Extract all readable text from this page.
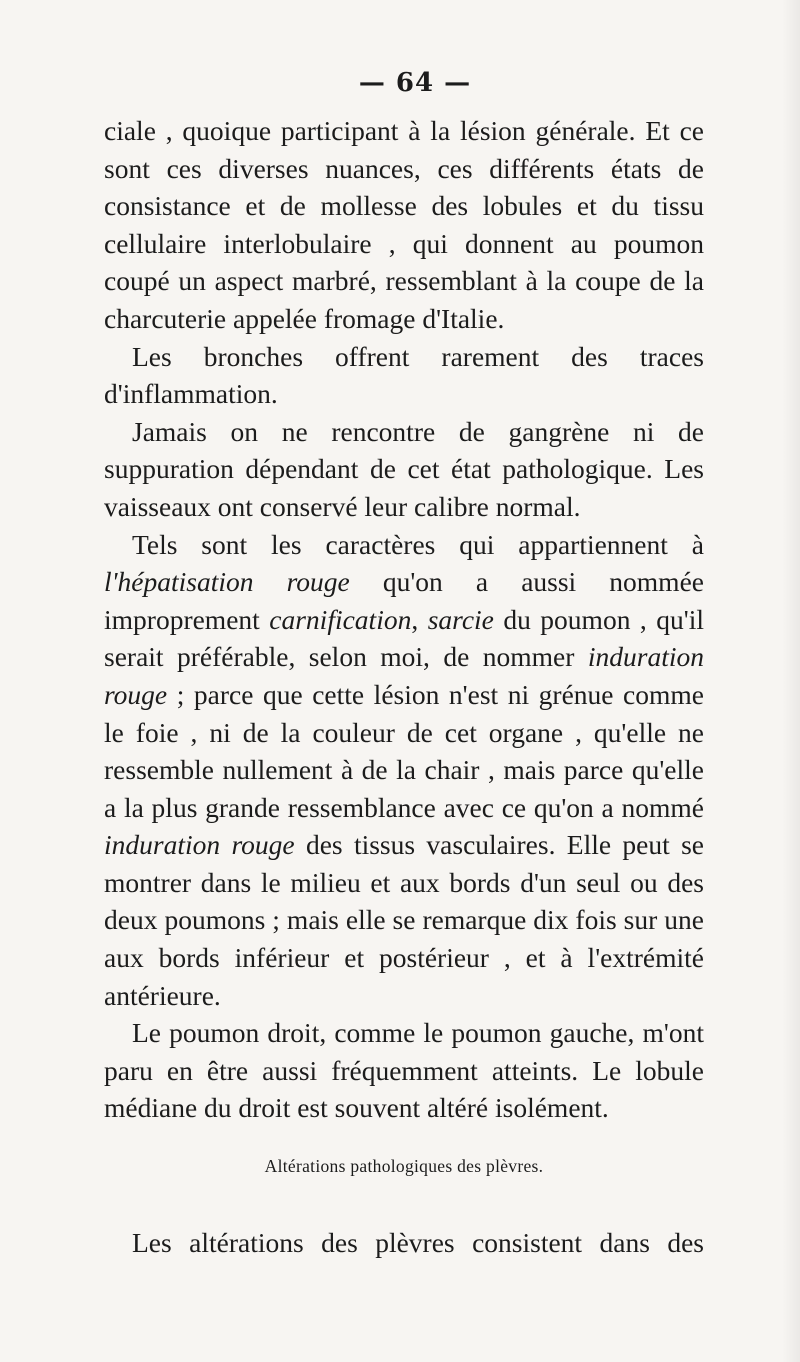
— 64 —

ciale , quoique participant à la lésion générale. Et ce sont ces diverses nuances, ces différents états de consistance et de mollesse des lobules et du tissu cellulaire interlobulaire , qui donnent au poumon coupé un aspect marbré, ressemblant à la coupe de la charcuterie appelée fromage d'Italie.

Les bronches offrent rarement des traces d'inflammation.

Jamais on ne rencontre de gangrène ni de suppuration dépendant de cet état pathologique. Les vaisseaux ont conservé leur calibre normal.

Tels sont les caractères qui appartiennent à l'hépatisation rouge qu'on a aussi nommée improprement carnification, sarcie du poumon , qu'il serait préférable, selon moi, de nommer induration rouge ; parce que cette lésion n'est ni grénue comme le foie , ni de la couleur de cet organe , qu'elle ne ressemble nullement à de la chair , mais parce qu'elle a la plus grande ressemblance avec ce qu'on a nommé induration rouge des tissus vasculaires. Elle peut se montrer dans le milieu et aux bords d'un seul ou des deux poumons ; mais elle se remarque dix fois sur une aux bords inférieur et postérieur , et à l'extrémité antérieure.

Le poumon droit, comme le poumon gauche, m'ont paru en être aussi fréquemment atteints. Le lobule médiane du droit est souvent altéré isolément.

Altérations pathologiques des plèvres.
Les altérations des plèvres consistent dans des
